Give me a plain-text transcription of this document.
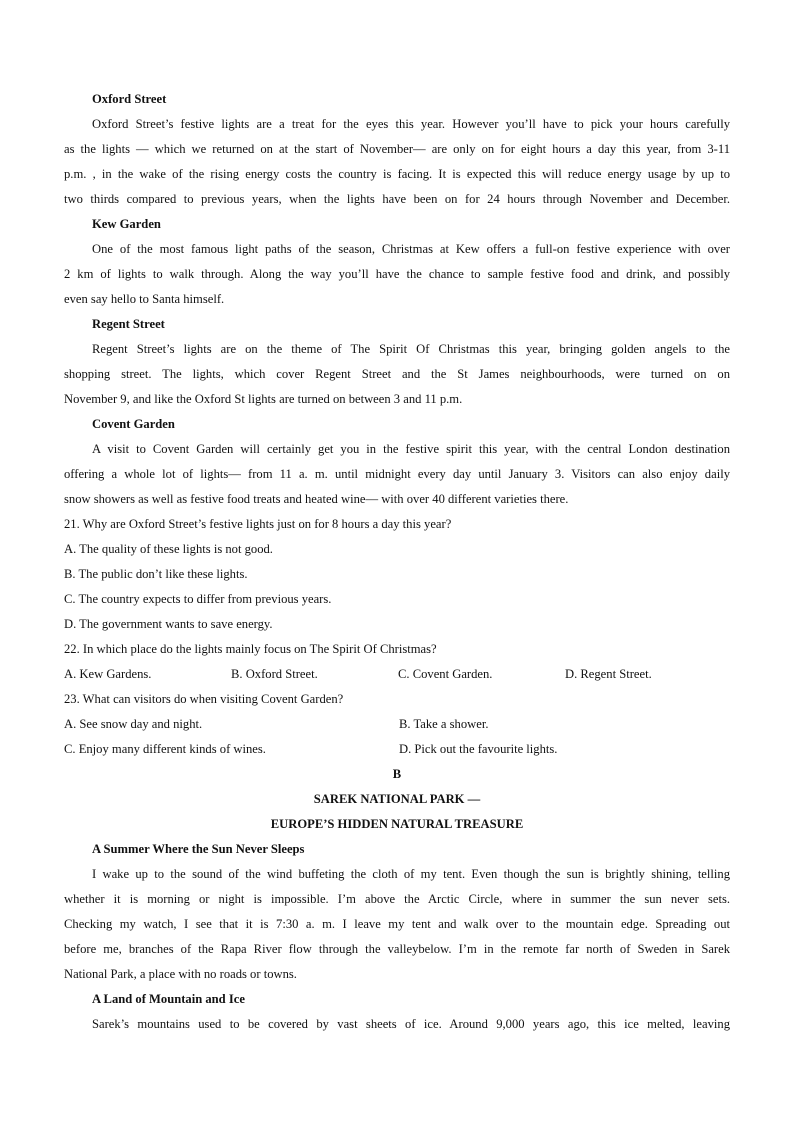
Oxford Street
Oxford Street’s festive lights are a treat for the eyes this year. However you’ll have to pick your hours carefully
as the lights — which we returned on at the start of November— are only on for eight hours a day this year, from 3-11
p.m. , in the wake of the rising energy costs the country is facing. It is expected this will reduce energy usage by up to
two thirds compared to previous years, when the lights have been on for 24 hours through November and December.
Kew Garden
One of the most famous light paths of the season, Christmas at Kew offers a full-on festive experience with over
2 km of lights to walk through. Along the way you’ll have the chance to sample festive food and drink, and possibly
even say hello to Santa himself.
Regent Street
Regent Street’s lights are on the theme of The Spirit Of Christmas this year, bringing golden angels to the
shopping street. The lights, which cover Regent Street and the St James neighbourhoods, were turned on on
November 9, and like the Oxford St lights are turned on between 3 and 11 p.m.
Covent Garden
A visit to Covent Garden will certainly get you in the festive spirit this year, with the central London destination
offering a whole lot of lights— from 11 a. m. until midnight every day until January 3. Visitors can also enjoy daily
snow showers as well as festive food treats and heated wine— with over 40 different varieties there.
21. Why are Oxford Street’s festive lights just on for 8 hours a day this year?
A. The quality of these lights is not good.
B. The public don’t like these lights.
C. The country expects to differ from previous years.
D. The government wants to save energy.
22. In which place do the lights mainly focus on The Spirit Of Christmas?
A. Kew Gardens.	B. Oxford Street.	C. Covent Garden.	D. Regent Street.
23. What can visitors do when visiting Covent Garden?
A. See snow day and night.	B. Take a shower.
C. Enjoy many different kinds of wines.	D. Pick out the favourite lights.
B
SAREK NATIONAL PARK —
EUROPE’S HIDDEN NATURAL TREASURE
A Summer Where the Sun Never Sleeps
I wake up to the sound of the wind buffeting the cloth of my tent. Even though the sun is brightly shining, telling
whether it is morning or night is impossible. I’m above the Arctic Circle, where in summer the sun never sets.
Checking my watch, I see that it is 7:30 a. m. I leave my tent and walk over to the mountain edge. Spreading out
before me, branches of the Rapa River flow through the valleybelow. I’m in the remote far north of Sweden in Sarek
National Park, a place with no roads or towns.
A Land of Mountain and Ice
Sarek’s mountains used to be covered by vast sheets of ice. Around 9,000 years ago, this ice melted, leaving
